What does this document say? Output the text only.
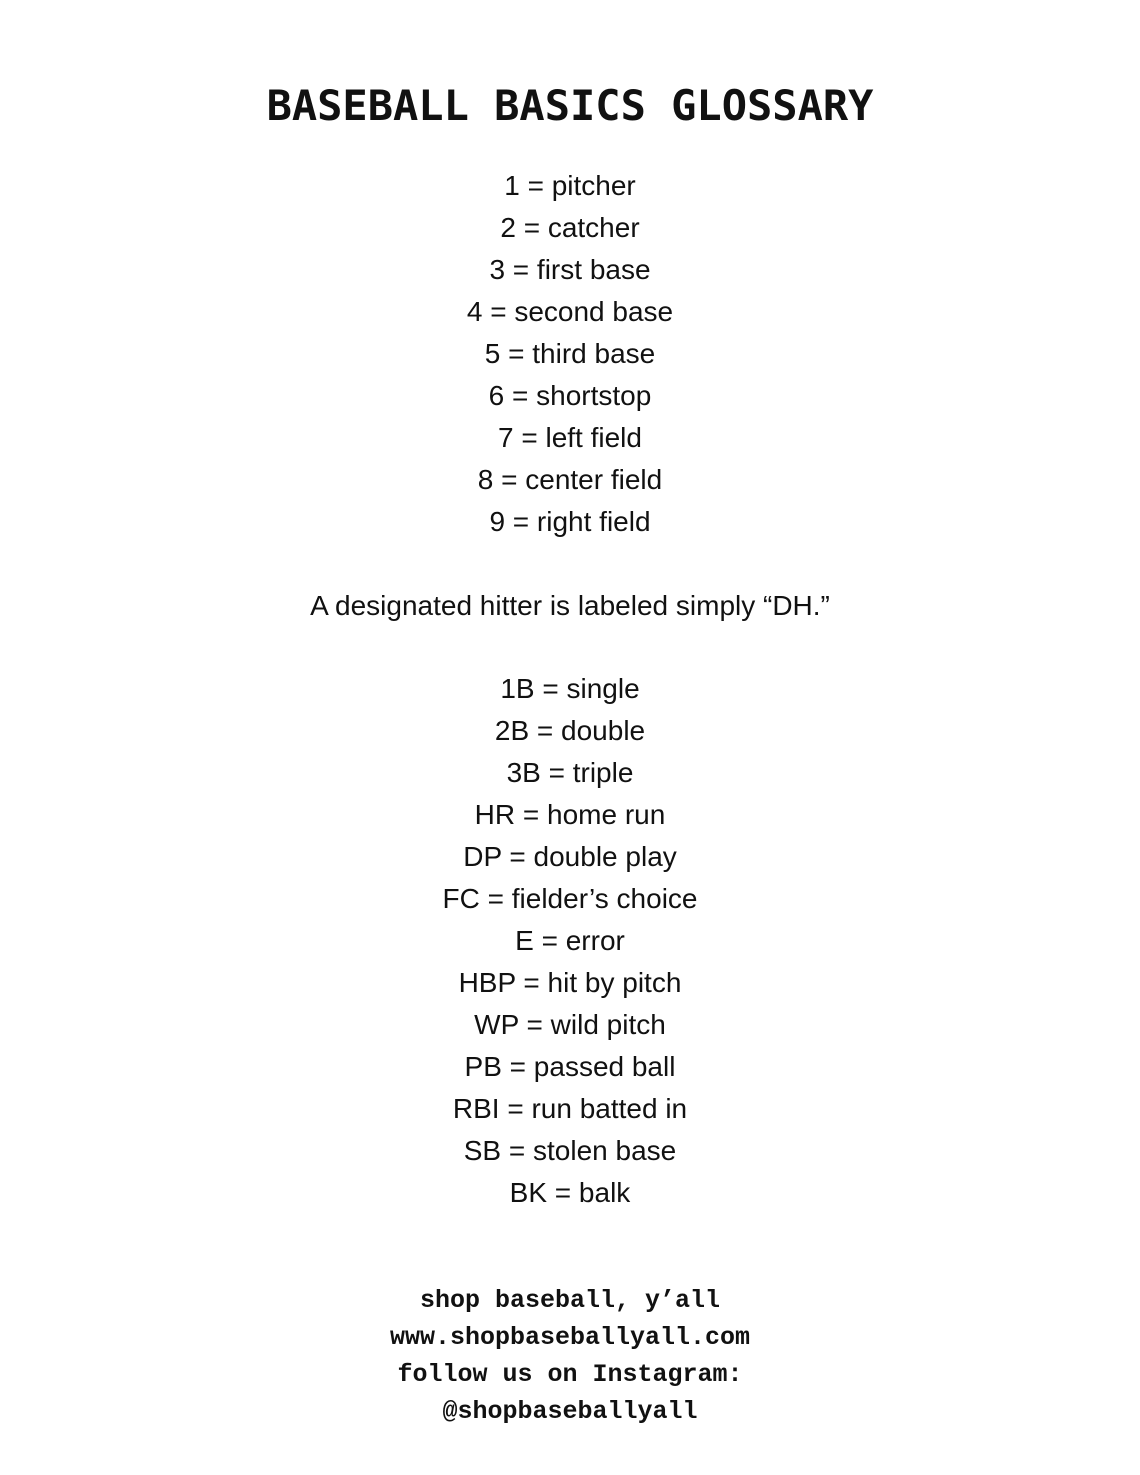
BASEBALL BASICS GLOSSARY
1 = pitcher
2 = catcher
3 = first base
4 = second base
5 = third base
6 = shortstop
7 = left field
8 = center field
9 = right field

A designated hitter is labeled simply “DH.”

1B = single
2B = double
3B = triple
HR = home run
DP = double play
FC = fielder’s choice
E = error
HBP = hit by pitch
WP = wild pitch
PB = passed ball
RBI = run batted in
SB = stolen base
BK = balk
shop baseball, y’all
www.shopbaseballyall.com
follow us on Instagram:
@shopbaseballyall
